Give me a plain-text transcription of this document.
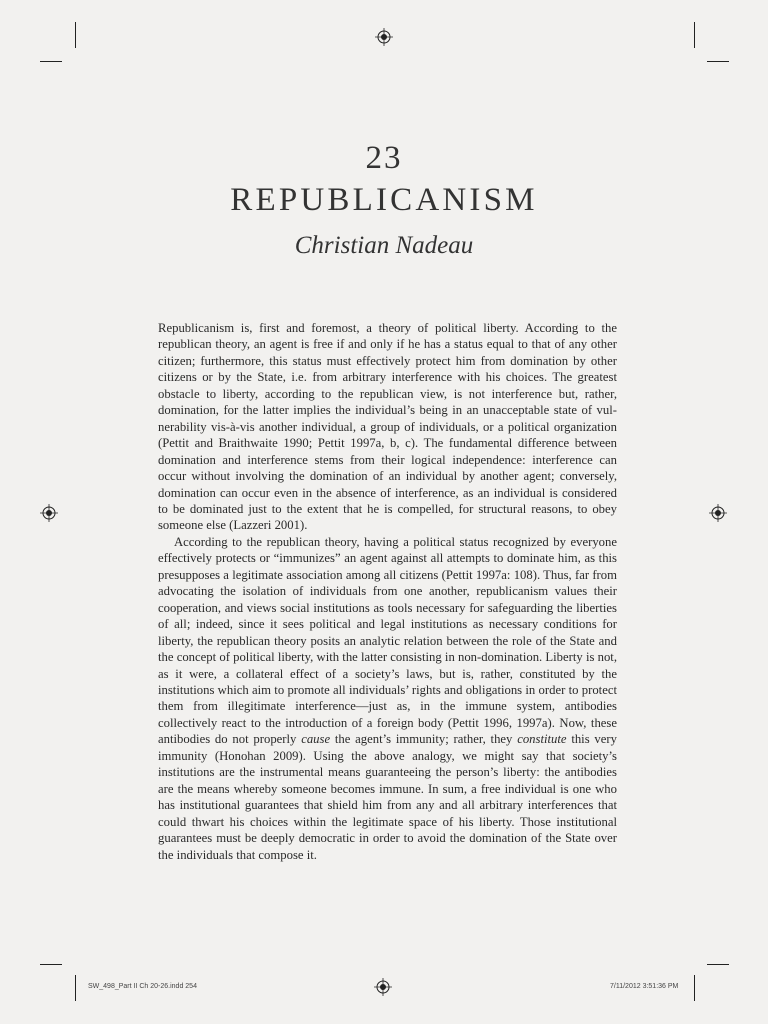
23
REPUBLICANISM
Christian Nadeau

Republicanism is, first and foremost, a theory of political liberty. According to the republican theory, an agent is free if and only if he has a status equal to that of any other citizen; furthermore, this status must effectively protect him from domination by other citizens or by the State, i.e. from arbitrary interference with his choices. The greatest obstacle to liberty, according to the republican view, is not interference but, rather, domination, for the latter implies the individual’s being in an unacceptable state of vulnerability vis-à-vis another individual, a group of individuals, or a political organization (Pettit and Braithwaite 1990; Pettit 1997a, b, c). The fundamental difference between domination and interference stems from their logical independence: interference can occur without involving the domination of an individual by another agent; conversely, domination can occur even in the absence of interference, as an individual is considered to be dominated just to the extent that he is compelled, for structural reasons, to obey someone else (Lazzeri 2001).

According to the republican theory, having a political status recognized by everyone effectively protects or “immunizes” an agent against all attempts to dominate him, as this presupposes a legitimate association among all citizens (Pettit 1997a: 108). Thus, far from advocating the isolation of individuals from one another, republicanism values their cooperation, and views social institutions as tools necessary for safeguarding the liberties of all; indeed, since it sees political and legal institutions as necessary conditions for liberty, the republican theory posits an analytic relation between the role of the State and the concept of political liberty, with the latter consisting in non-domination. Liberty is not, as it were, a collateral effect of a society’s laws, but is, rather, constituted by the institutions which aim to promote all individuals’ rights and obligations in order to protect them from illegitimate interference—just as, in the immune system, antibodies collectively react to the introduction of a foreign body (Pettit 1996, 1997a). Now, these antibodies do not properly cause the agent’s immunity; rather, they constitute this very immunity (Honohan 2009). Using the above analogy, we might say that society’s institutions are the instrumental means guaranteeing the person’s liberty: the antibodies are the means whereby someone becomes immune. In sum, a free individual is one who has institutional guarantees that shield him from any and all arbitrary interferences that could thwart his choices within the legitimate space of his liberty. Those institutional guarantees must be deeply democratic in order to avoid the domination of the State over the individuals that compose it.

SW_498_Part II Ch 20-26.indd 254	7/11/2012 3:51:36 PM
